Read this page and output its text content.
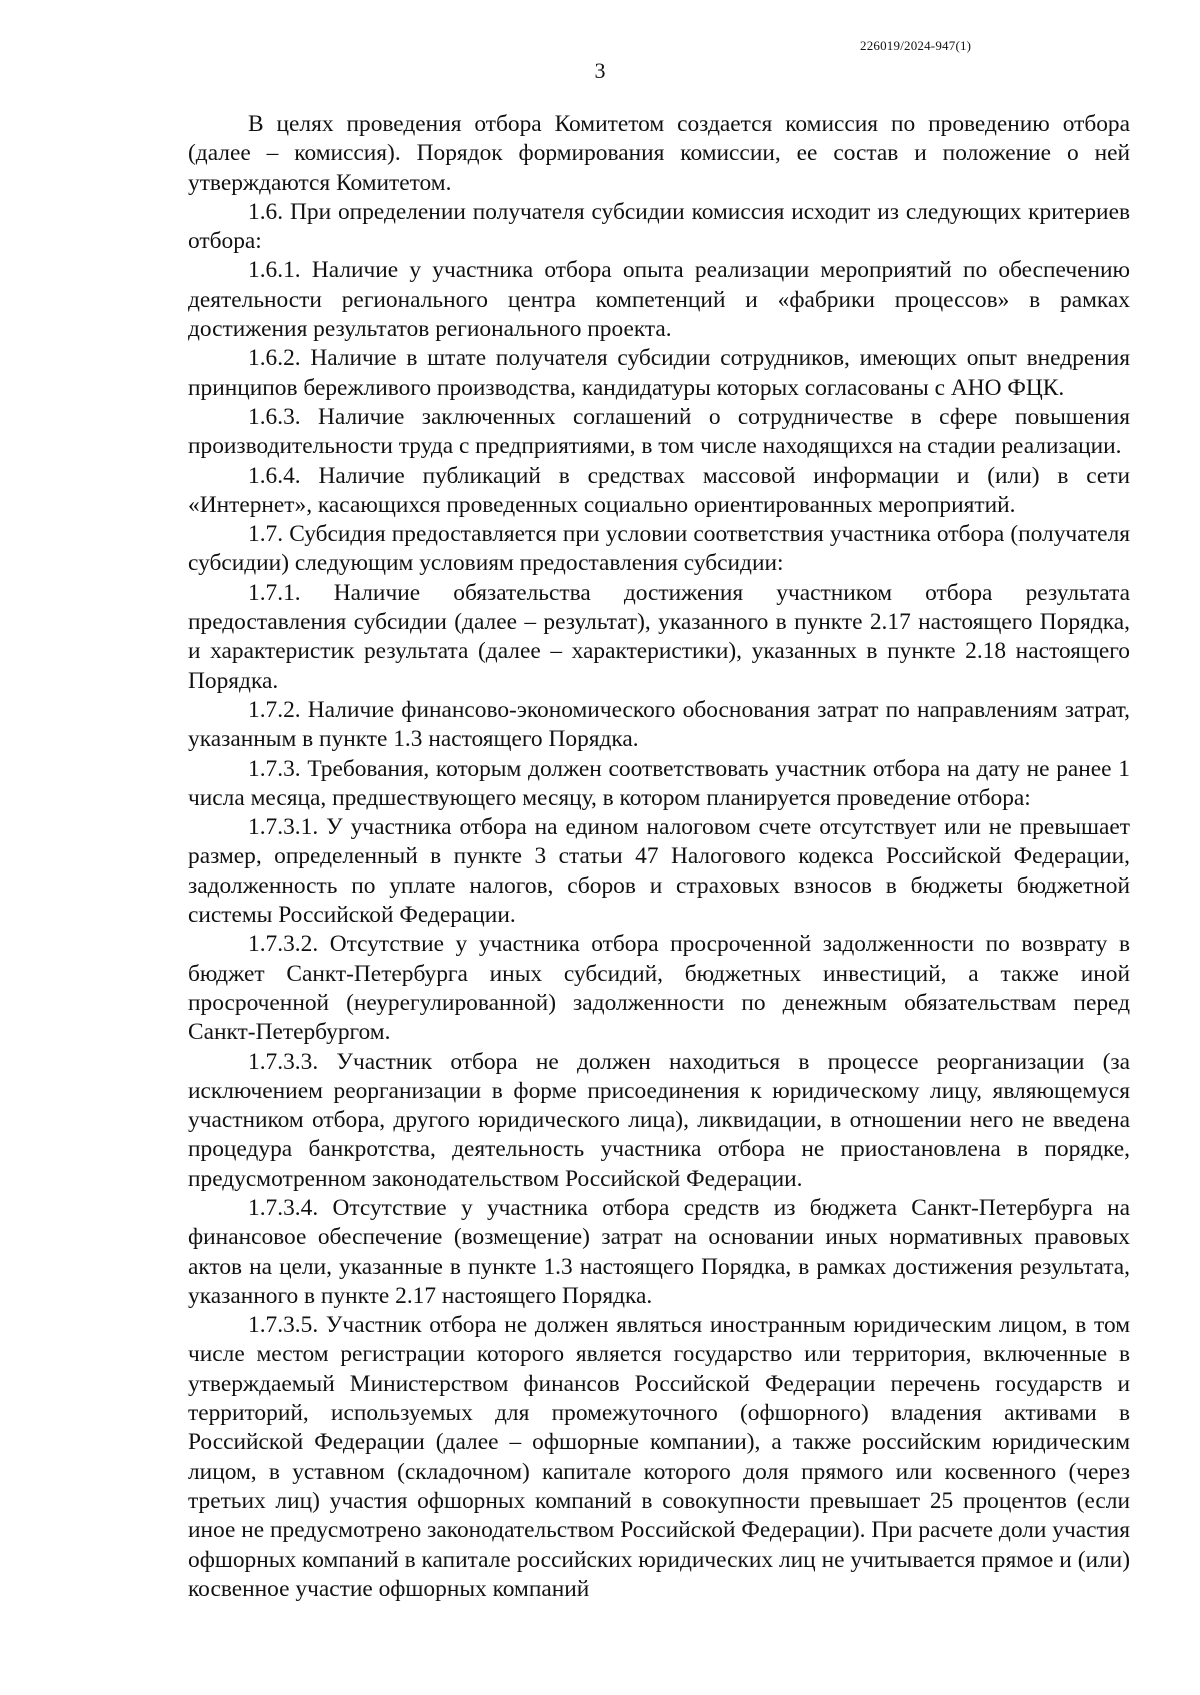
226019/2024-947(1)
3

В целях проведения отбора Комитетом создается комиссия по проведению отбора (далее – комиссия). Порядок формирования комиссии, ее состав и положение о ней утверждаются Комитетом.

1.6. При определении получателя субсидии комиссия исходит из следующих критериев отбора:

1.6.1. Наличие у участника отбора опыта реализации мероприятий по обеспечению деятельности регионального центра компетенций и «фабрики процессов» в рамках достижения результатов регионального проекта.

1.6.2. Наличие в штате получателя субсидии сотрудников, имеющих опыт внедрения принципов бережливого производства, кандидатуры которых согласованы с АНО ФЦК.

1.6.3. Наличие заключенных соглашений о сотрудничестве в сфере повышения производительности труда с предприятиями, в том числе находящихся на стадии реализации.

1.6.4. Наличие публикаций в средствах массовой информации и (или) в сети «Интернет», касающихся проведенных социально ориентированных мероприятий.

1.7. Субсидия предоставляется при условии соответствия участника отбора (получателя субсидии) следующим условиям предоставления субсидии:

1.7.1. Наличие обязательства достижения участником отбора результата предоставления субсидии (далее – результат), указанного в пункте 2.17 настоящего Порядка, и характеристик результата (далее – характеристики), указанных в пункте 2.18 настоящего Порядка.

1.7.2. Наличие финансово-экономического обоснования затрат по направлениям затрат, указанным в пункте 1.3 настоящего Порядка.

1.7.3. Требования, которым должен соответствовать участник отбора на дату не ранее 1 числа месяца, предшествующего месяцу, в котором планируется проведение отбора:

1.7.3.1. У участника отбора на едином налоговом счете отсутствует или не превышает размер, определенный в пункте 3 статьи 47 Налогового кодекса Российской Федерации, задолженность по уплате налогов, сборов и страховых взносов в бюджеты бюджетной системы Российской Федерации.

1.7.3.2. Отсутствие у участника отбора просроченной задолженности по возврату в бюджет Санкт-Петербурга иных субсидий, бюджетных инвестиций, а также иной просроченной (неурегулированной) задолженности по денежным обязательствам перед Санкт-Петербургом.

1.7.3.3. Участник отбора не должен находиться в процессе реорганизации (за исключением реорганизации в форме присоединения к юридическому лицу, являющемуся участником отбора, другого юридического лица), ликвидации, в отношении него не введена процедура банкротства, деятельность участника отбора не приостановлена в порядке, предусмотренном законодательством Российской Федерации.

1.7.3.4. Отсутствие у участника отбора средств из бюджета Санкт-Петербурга на финансовое обеспечение (возмещение) затрат на основании иных нормативных правовых актов на цели, указанные в пункте 1.3 настоящего Порядка, в рамках достижения результата, указанного в пункте 2.17 настоящего Порядка.

1.7.3.5. Участник отбора не должен являться иностранным юридическим лицом, в том числе местом регистрации которого является государство или территория, включенные в утверждаемый Министерством финансов Российской Федерации перечень государств и территорий, используемых для промежуточного (офшорного) владения активами в Российской Федерации (далее – офшорные компании), а также российским юридическим лицом, в уставном (складочном) капитале которого доля прямого или косвенного (через третьих лиц) участия офшорных компаний в совокупности превышает 25 процентов (если иное не предусмотрено законодательством Российской Федерации). При расчете доли участия офшорных компаний в капитале российских юридических лиц не учитывается прямое и (или) косвенное участие офшорных компаний
